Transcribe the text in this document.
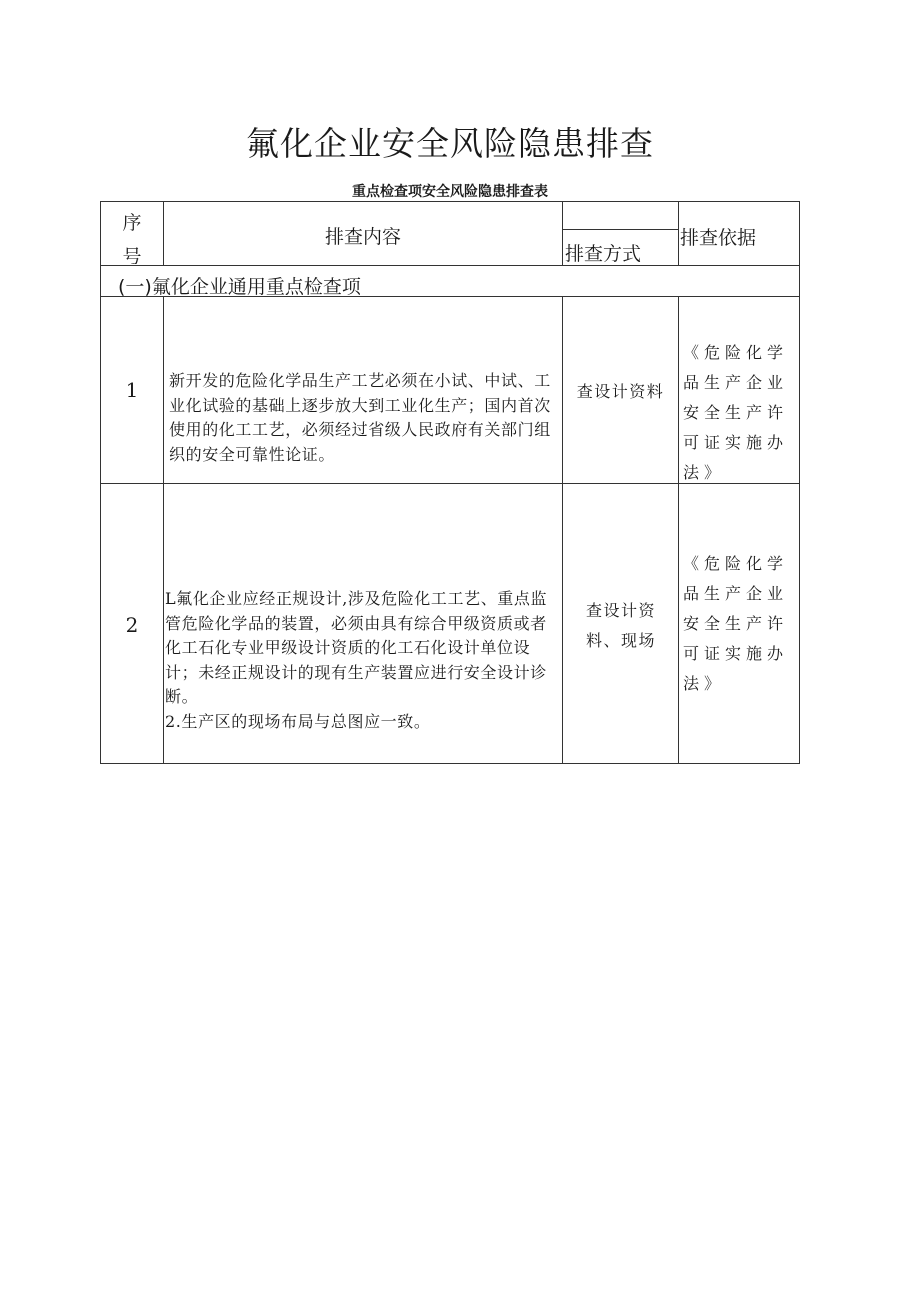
氟化企业安全风险隐患排查
重点检查项安全风险隐患排查表
序
号
排查内容
排查方式
排查依据
(一)氟化企业通用重点检查项
1	新开发的危险化学品生产工艺必须在小试、中试、工业化试验的基础上逐步放大到工业化生产；国内首次使用的化工工艺，必须经过省级人民政府有关部门组织的安全可靠性论证。
查设计资料
《危险化学品生产企业安全生产许可证实施办法》
2
L氟化企业应经正规设计,涉及危险化工工艺、重点监管危险化学品的装置，必须由具有综合甲级资质或者化工石化专业甲级设计资质的化工石化设计单位设计；未经正规设计的现有生产装置应进行安全设计诊断。
2.生产区的现场布局与总图应一致。
查设计资料、现场
《危险化学品生产企业安全生产许可证实施办法》
